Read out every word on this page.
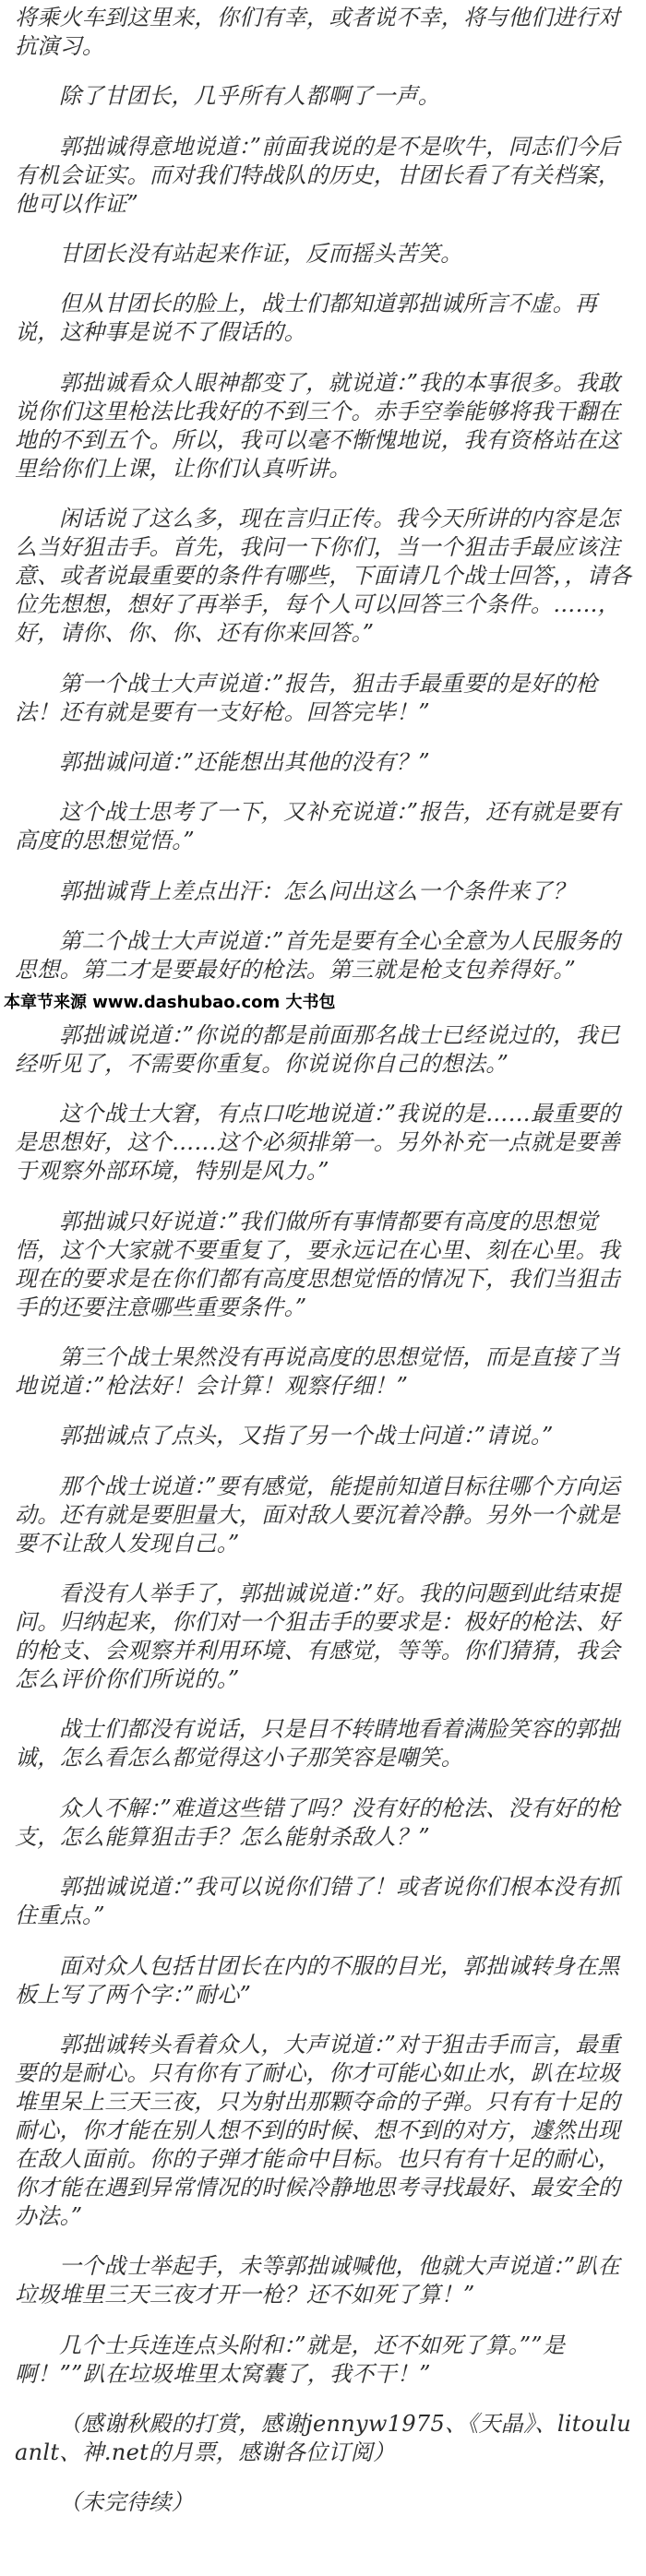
将乘火车到这里来，你们有幸，或者说不幸，将与他们进行对抗演习。

除了甘团长，几乎所有人都啊了一声。

郭拙诚得意地说道：”前面我说的是不是吹牛，同志们今后有机会证实。而对我们特战队的历史，甘团长看了有关档案，他可以作证”

甘团长没有站起来作证，反而摇头苦笑。

但从甘团长的脸上，战士们都知道郭拙诚所言不虚。再说，这种事是说不了假话的。

郭拙诚看众人眼神都变了，就说道：”我的本事很多。我敢说你们这里枪法比我好的不到三个。赤手空拳能够将我干翻在地的不到五个。所以，我可以毫不惭愧地说，我有资格站在这里给你们上课，让你们认真听讲。

闲话说了这么多，现在言归正传。我今天所讲的内容是怎么当好狙击手。首先，我问一下你们，当一个狙击手最应该注意、或者说最重要的条件有哪些，下面请几个战士回答，，请各位先想想，想好了再举手，每个人可以回答三个条件。……，好，请你、你、你、还有你来回答。”

第一个战士大声说道：”报告，狙击手最重要的是好的枪法！还有就是要有一支好枪。回答完毕！”

郭拙诚问道：”还能想出其他的没有？”

这个战士思考了一下，又补充说道：”报告，还有就是要有高度的思想觉悟。”

郭拙诚背上差点出汗：怎么问出这么一个条件来了？

第二个战士大声说道：”首先是要有全心全意为人民服务的思想。第二才是要最好的枪法。第三就是枪支包养得好。”

本章节来源 www.dashubao.com 大书包

郭拙诚说道：”你说的都是前面那名战士已经说过的，我已经听见了，不需要你重复。你说说你自己的想法。”

这个战士大窘，有点口吃地说道：”我说的是……最重要的是思想好，这个……这个必须排第一。另外补充一点就是要善于观察外部环境，特别是风力。”

郭拙诚只好说道：”我们做所有事情都要有高度的思想觉悟，这个大家就不要重复了，要永远记在心里、刻在心里。我现在的要求是在你们都有高度思想觉悟的情况下，我们当狙击手的还要注意哪些重要条件。”

第三个战士果然没有再说高度的思想觉悟，而是直接了当地说道：”枪法好！会计算！观察仔细！”

郭拙诚点了点头，又指了另一个战士问道：”请说。”

那个战士说道：”要有感觉，能提前知道目标往哪个方向运动。还有就是要胆量大，面对敌人要沉着冷静。另外一个就是要不让敌人发现自己。”

看没有人举手了，郭拙诚说道：”好。我的问题到此结束提问。归纳起来，你们对一个狙击手的要求是：极好的枪法、好的枪支、会观察并利用环境、有感觉，等等。你们猜猜，我会怎么评价你们所说的。”

战士们都没有说话，只是目不转睛地看着满脸笑容的郭拙诚，怎么看怎么都觉得这小子那笑容是嘲笑。

众人不解：”难道这些错了吗？没有好的枪法、没有好的枪支，怎么能算狙击手？怎么能射杀敌人？”

郭拙诚说道：”我可以说你们错了！或者说你们根本没有抓住重点。”

面对众人包括甘团长在内的不服的目光，郭拙诚转身在黑板上写了两个字：”耐心”

郭拙诚转头看着众人，大声说道：”对于狙击手而言，最重要的是耐心。只有你有了耐心，你才可能心如止水，趴在垃圾堆里呆上三天三夜，只为射出那颗夺命的子弹。只有有十足的耐心，你才能在别人想不到的时候、想不到的对方，遽然出现在敌人面前。你的子弹才能命中目标。也只有有十足的耐心，你才能在遇到异常情况的时候冷静地思考寻找最好、最安全的办法。”

一个战士举起手，未等郭拙诚喊他，他就大声说道：”趴在垃圾堆里三天三夜才开一枪？还不如死了算！”

几个士兵连连点头附和：”就是，还不如死了算。””是啊！””趴在垃圾堆里太窝囊了，我不干！”

（感谢秋殿的打赏，感谢jennyw1975、《天晶》、litouluanlt、神.net的月票，感谢各位订阅）

（未完待续）
